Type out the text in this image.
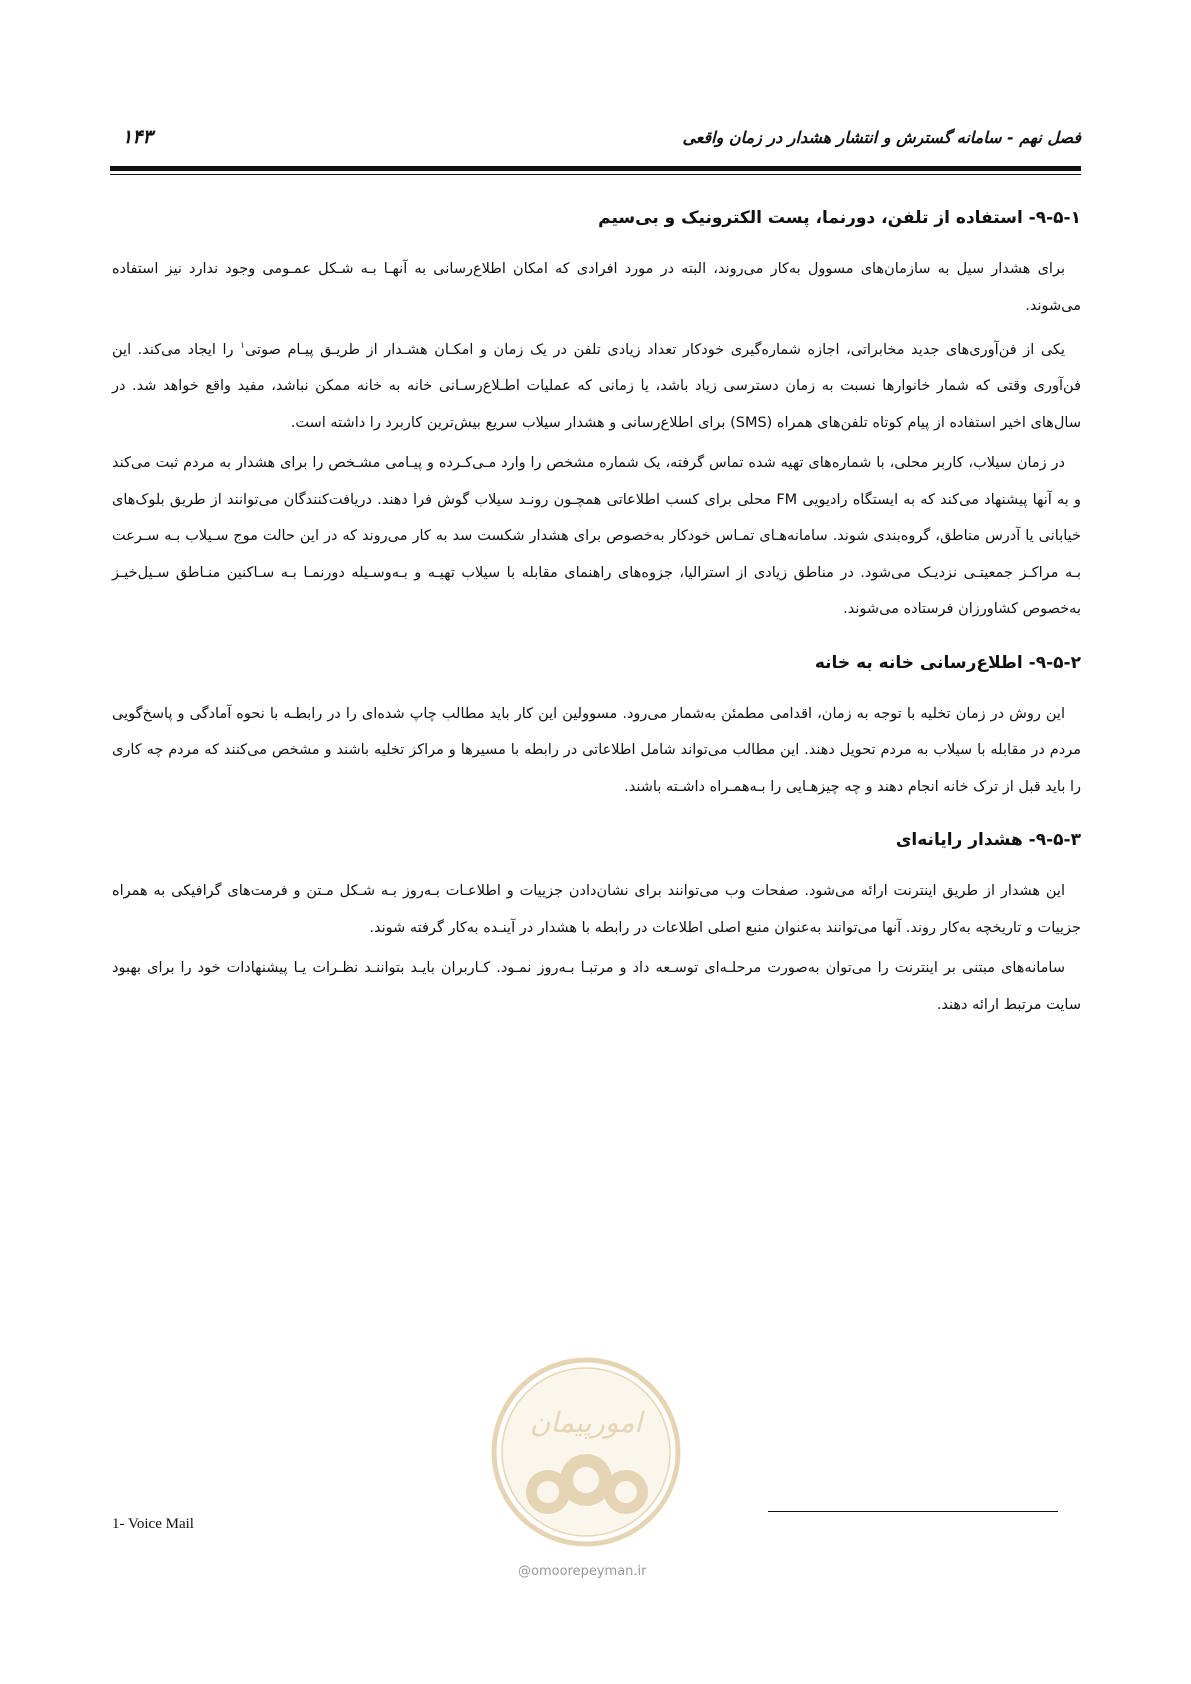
فصل نهم - سامانه گسترش و انتشار هشدار در زمان واقعی
۱۴۳
۹-۵-۱- استفاده از تلفن، دورنما، پست الکترونیک و بی‌سیم

برای هشدار سیل به سازمان‌های مسوول به‌کار می‌روند، البته در مورد افرادی که امکان اطلاع‌رسانی به آنهـا بـه شـکل عمـومی وجود ندارد نیز استفاده می‌شوند.

یکی از فن‌آوری‌های جدید مخابراتی، اجازه شماره‌گیری خودکار تعداد زیادی تلفن در یک زمان و امکـان هشـدار از طریـق پیـام صوتی$^۱$ را ایجاد می‌کند. این فن‌آوری وقتی که شمار خانوارها نسبت به زمان دسترسی زیاد باشد، یا زمانی که عملیات اطـلاع‌رسـانی خانه به خانه ممکن نباشد، مفید واقع خواهد شد. در سال‌های اخیر استفاده از پیام کوتاه تلفن‌های همراه (SMS) برای اطلاع‌رسانی و هشدار سیلاب سریع بیش‌ترین کاربرد را داشته است.

در زمان سیلاب، کاربر محلی، با شماره‌های تهیه شده تماس گرفته، یک شماره مشخص را وارد مـی‌کـرده و پیـامی مشـخص را برای هشدار به مردم ثبت می‌کند و به آنها پیشنهاد می‌کند که به ایستگاه رادیویی FM محلی برای کسب اطلاعاتی همچـون رونـد سیلاب گوش فرا دهند. دریافت‌کنندگان می‌توانند از طریق بلوک‌های خیابانی یا آدرس مناطق، گروه‌بندی شوند. سامانه‌هـای تمـاس خودکار به‌خصوص برای هشدار شکست سد به کار می‌روند که در این حالت موج سـیلاب بـه سـرعت بـه مراکـز جمعیتـی نزدیـک می‌شود. در مناطق زیادی از استرالیا، جزوه‌های راهنمای مقابله با سیلاب تهیـه و بـه‌وسـیله دورنمـا بـه سـاکنین منـاطق سـیل‌خیـز به‌خصوص کشاورزان فرستاده می‌شوند.

۹-۵-۲- اطلاع‌رسانی خانه به خانه

این روش در زمان تخلیه با توجه به زمان، اقدامی مطمئن به‌شمار می‌رود. مسوولین این کار باید مطالب چاپ شده‌ای را در رابطـه با نحوه آمادگی و پاسخ‌گویی مردم در مقابله با سیلاب به مردم تحویل دهند. این مطالب می‌تواند شامل اطلاعاتی در رابطه با مسیرها و مراکز تخلیه باشند و مشخص می‌کنند که مردم چه کاری را باید قبل از ترک خانه انجام دهند و چه چیزهـایی را بـه‌همـراه داشـته باشند.

۹-۵-۳- هشدار رایانه‌ای

این هشدار از طریق اینترنت ارائه می‌شود. صفحات وب می‌توانند برای نشان‌دادن جزییات و اطلاعـات بـه‌روز بـه شـکل مـتن و فرمت‌های گرافیکی به همراه جزییات و تاریخچه به‌کار روند. آنها می‌توانند به‌عنوان منبع اصلی اطلاعات در رابطه با هشدار در آینـده به‌کار گرفته شوند.

سامانه‌های مبتنی بر اینترنت را می‌توان به‌صورت مرحلـه‌ای توسـعه داد و مرتبـا بـه‌روز نمـود. کـاربران بایـد بتواننـد نظـرات یـا پیشنهادات خود را برای بهبود سایت مرتبط ارائه دهند.

امورپیمان
@omoorepeyman.ir
1- Voice Mail
